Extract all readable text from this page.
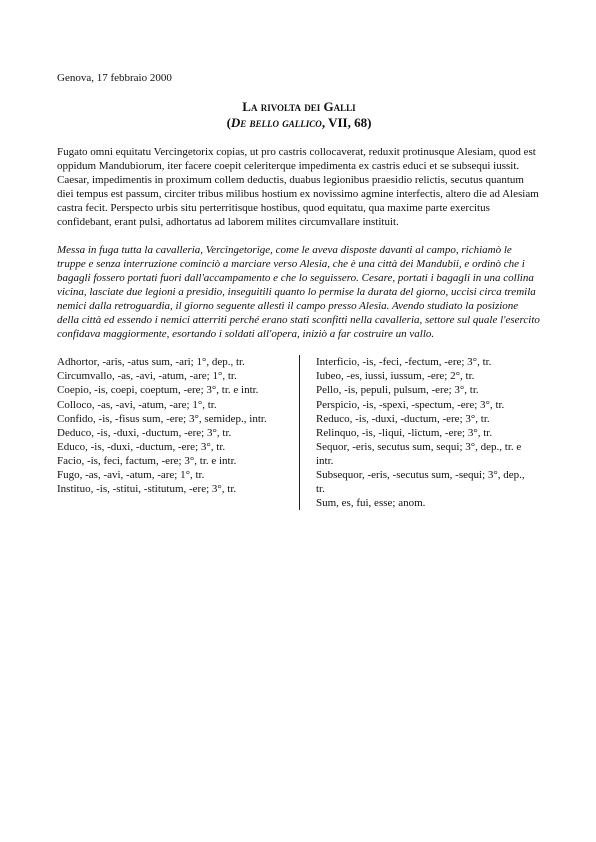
Genova, 17 febbraio 2000

La rivolta dei Galli

(De bello gallico, VII, 68)

Fugato omni equitatu Vercingetorix copias, ut pro castris collocaverat, reduxit protinusque Alesiam, quod est oppidum Mandubiorum, iter facere coepit celeriterque impedimenta ex castris educi et se subsequi iussit. Caesar, impedimentis in proximum collem deductis, duabus legionibus praesidio relictis, secutus quantum diei tempus est passum, circiter tribus milibus hostium ex novissimo agmine interfectis, altero die ad Alesiam castra fecit. Perspecto urbis situ perterritisque hostibus, quod equitatu, qua maxime parte exercitus confidebant, erant pulsi, adhortatus ad laborem milites circumvallare instituit.

Messa in fuga tutta la cavalleria, Vercingetorige, come le aveva disposte davanti al campo, richiamò le truppe e senza interruzione cominciò a marciare verso Alesia, che è una città dei Mandubii, e ordinò che i bagagli fossero portati fuori dall'accampamento e che lo seguissero. Cesare, portati i bagagli in una collina vicina, lasciate due legioni a presidio, inseguitili quanto lo permise la durata del giorno, uccisi circa tremila nemici dalla retroguardia, il giorno seguente allestì il campo presso Alesia. Avendo studiato la posizione della città ed essendo i nemici atterriti perché erano stati sconfitti nella cavalleria, settore sul quale l'esercito confidava maggiormente, esortando i soldati all'opera, iniziò a far costruire un vallo.

Adhortor, -aris, -atus sum, -ari; 1°, dep., tr.

Circumvallo, -as, -avi, -atum, -are; 1°, tr.

Coepio, -is, coepi, coeptum, -ere; 3°, tr. e intr.

Colloco, -as, -avi, -atum, -are; 1°, tr.

Confido, -is, -fisus sum, -ere; 3°, semidep., intr.

Deduco, -is, -duxi, -ductum, -ere; 3°, tr.

Educo, -is, -duxi, -ductum, -ere; 3°, tr.

Facio, -is, feci, factum, -ere; 3°, tr. e intr.

Fugo, -as, -avi, -atum, -are; 1°, tr.

Instituo, -is, -stitui, -stitutum, -ere; 3°, tr.

Interficio, -is, -feci, -fectum, -ere; 3°, tr.

Iubeo, -es, iussi, iussum, -ere; 2°, tr.

Pello, -is, pepuli, pulsum, -ere; 3°, tr.

Perspicio, -is, -spexi, -spectum, -ere; 3°, tr.

Reduco, -is, -duxi, -ductum, -ere; 3°, tr.

Relinquo, -is, -liqui, -lictum, -ere; 3°, tr.

Sequor, -eris, secutus sum, sequi; 3°, dep., tr. e intr.

Subsequor, -eris, -secutus sum, -sequi; 3°, dep., tr.

Sum, es, fui, esse; anom.
